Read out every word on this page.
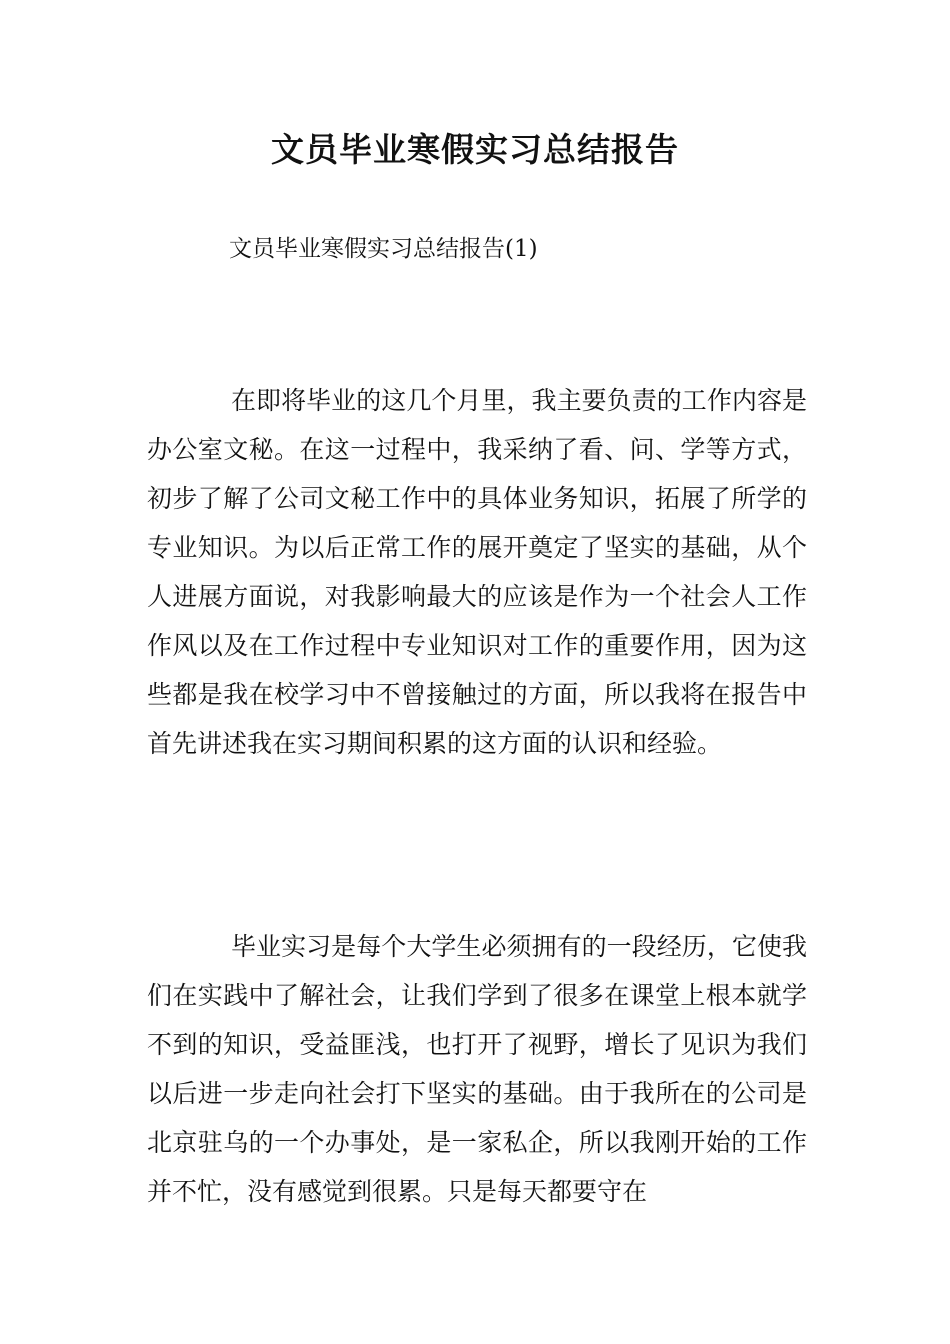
文员毕业寒假实习总结报告

文员毕业寒假实习总结报告(1)

在即将毕业的这几个月里，我主要负责的工作内容是办公室文秘。在这一过程中，我采纳了看、问、学等方式，初步了解了公司文秘工作中的具体业务知识，拓展了所学的专业知识。为以后正常工作的展开奠定了坚实的基础，从个人进展方面说，对我影响最大的应该是作为一个社会人工作作风以及在工作过程中专业知识对工作的重要作用，因为这些都是我在校学习中不曾接触过的方面，所以我将在报告中首先讲述我在实习期间积累的这方面的认识和经验。

毕业实习是每个大学生必须拥有的一段经历，它使我们在实践中了解社会，让我们学到了很多在课堂上根本就学不到的知识，受益匪浅，也打开了视野，增长了见识为我们以后进一步走向社会打下坚实的基础。由于我所在的公司是北京驻乌的一个办事处，是一家私企，所以我刚开始的工作并不忙，没有感觉到很累。只是每天都要守在
